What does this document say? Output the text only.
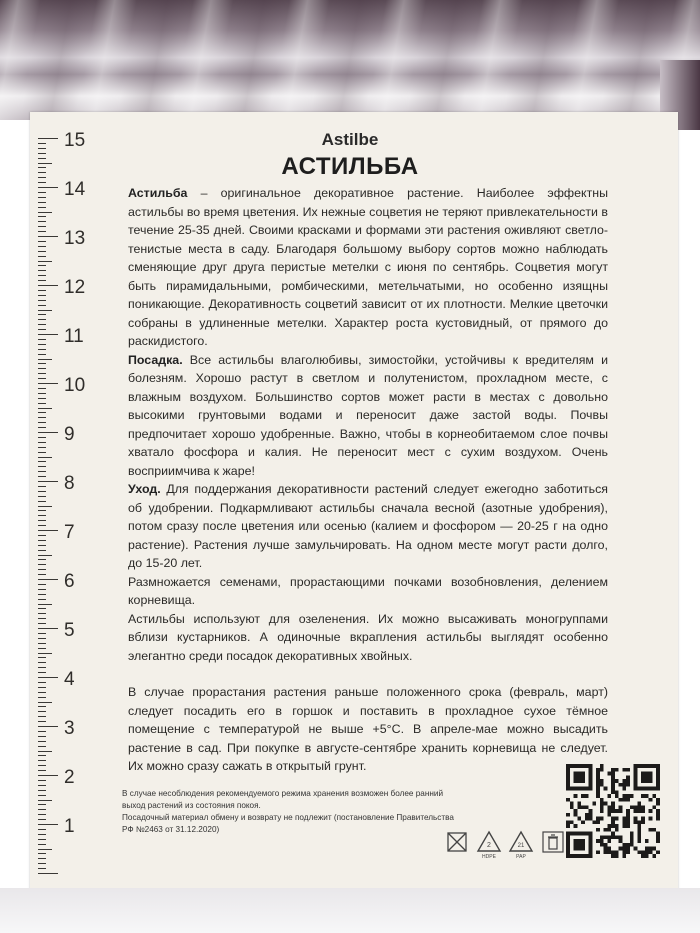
15
14
13
12
11
10
9
8
7
6
5
4
3
2
1
Astilbe
АСТИЛЬБА

Астильба – оригинальное декоративное растение. Наиболее эффектны астильбы во время цветения. Их нежные соцветия не теряют привлекательности в течение 25-35 дней. Своими красками и формами эти растения оживляют светло-тенистые места в саду. Благодаря большому выбору сортов можно наблюдать сменяющие друг друга перистые метелки с июня по сентябрь. Соцветия могут быть пирамидальными, ромбическими, метельчатыми, но особенно изящны поникающие. Декоративность соцветий зависит от их плотности. Мелкие цветочки собраны в удлиненные метелки. Характер роста кустовидный, от прямого до раскидистого.

Посадка. Все астильбы влаголюбивы, зимостойки, устойчивы к вредителям и болезням. Хорошо растут в светлом и полутенистом, прохладном месте, с влажным воздухом. Большинство сортов может расти в местах с довольно высокими грунтовыми водами и переносит даже застой воды. Почвы предпочитает хорошо удобренные. Важно, чтобы в корнеобитаемом слое почвы хватало фосфора и калия. Не переносит мест с сухим воздухом. Очень восприимчива к жаре!

Уход. Для поддержания декоративности растений следует ежегодно заботиться об удобрении. Подкармливают астильбы сначала весной (азотные удобрения), потом сразу после цветения или осенью (калием и фосфором — 20-25 г на одно растение). Растения лучше замульчировать. На одном месте могут расти долго, до 15-20 лет.

Размножается семенами, прорастающими почками возобновления, делением корневища.

Астильбы используют для озеленения. Их можно высаживать моногруппами вблизи кустарников. А одиночные вкрапления астильбы выглядят особенно элегантно среди посадок декоративных хвойных.

В случае прорастания растения раньше положенного срока (февраль, март) следует посадить его в горшок и поставить в прохладное сухое тёмное помещение с температурой не выше +5°С. В апреле-мае можно высадить растение в сад. При покупке в августе-сентябре хранить корневища не следует. Их можно сразу сажать в открытый грунт.

В случае несоблюдения рекомендуемого режима хранения возможен более ранний выход растений из состояния покоя.

Посадочный материал обмену и возврату не подлежит (постановление Правительства РФ №2463 от 31.12.2020)

2
HDPE
21
PAP
